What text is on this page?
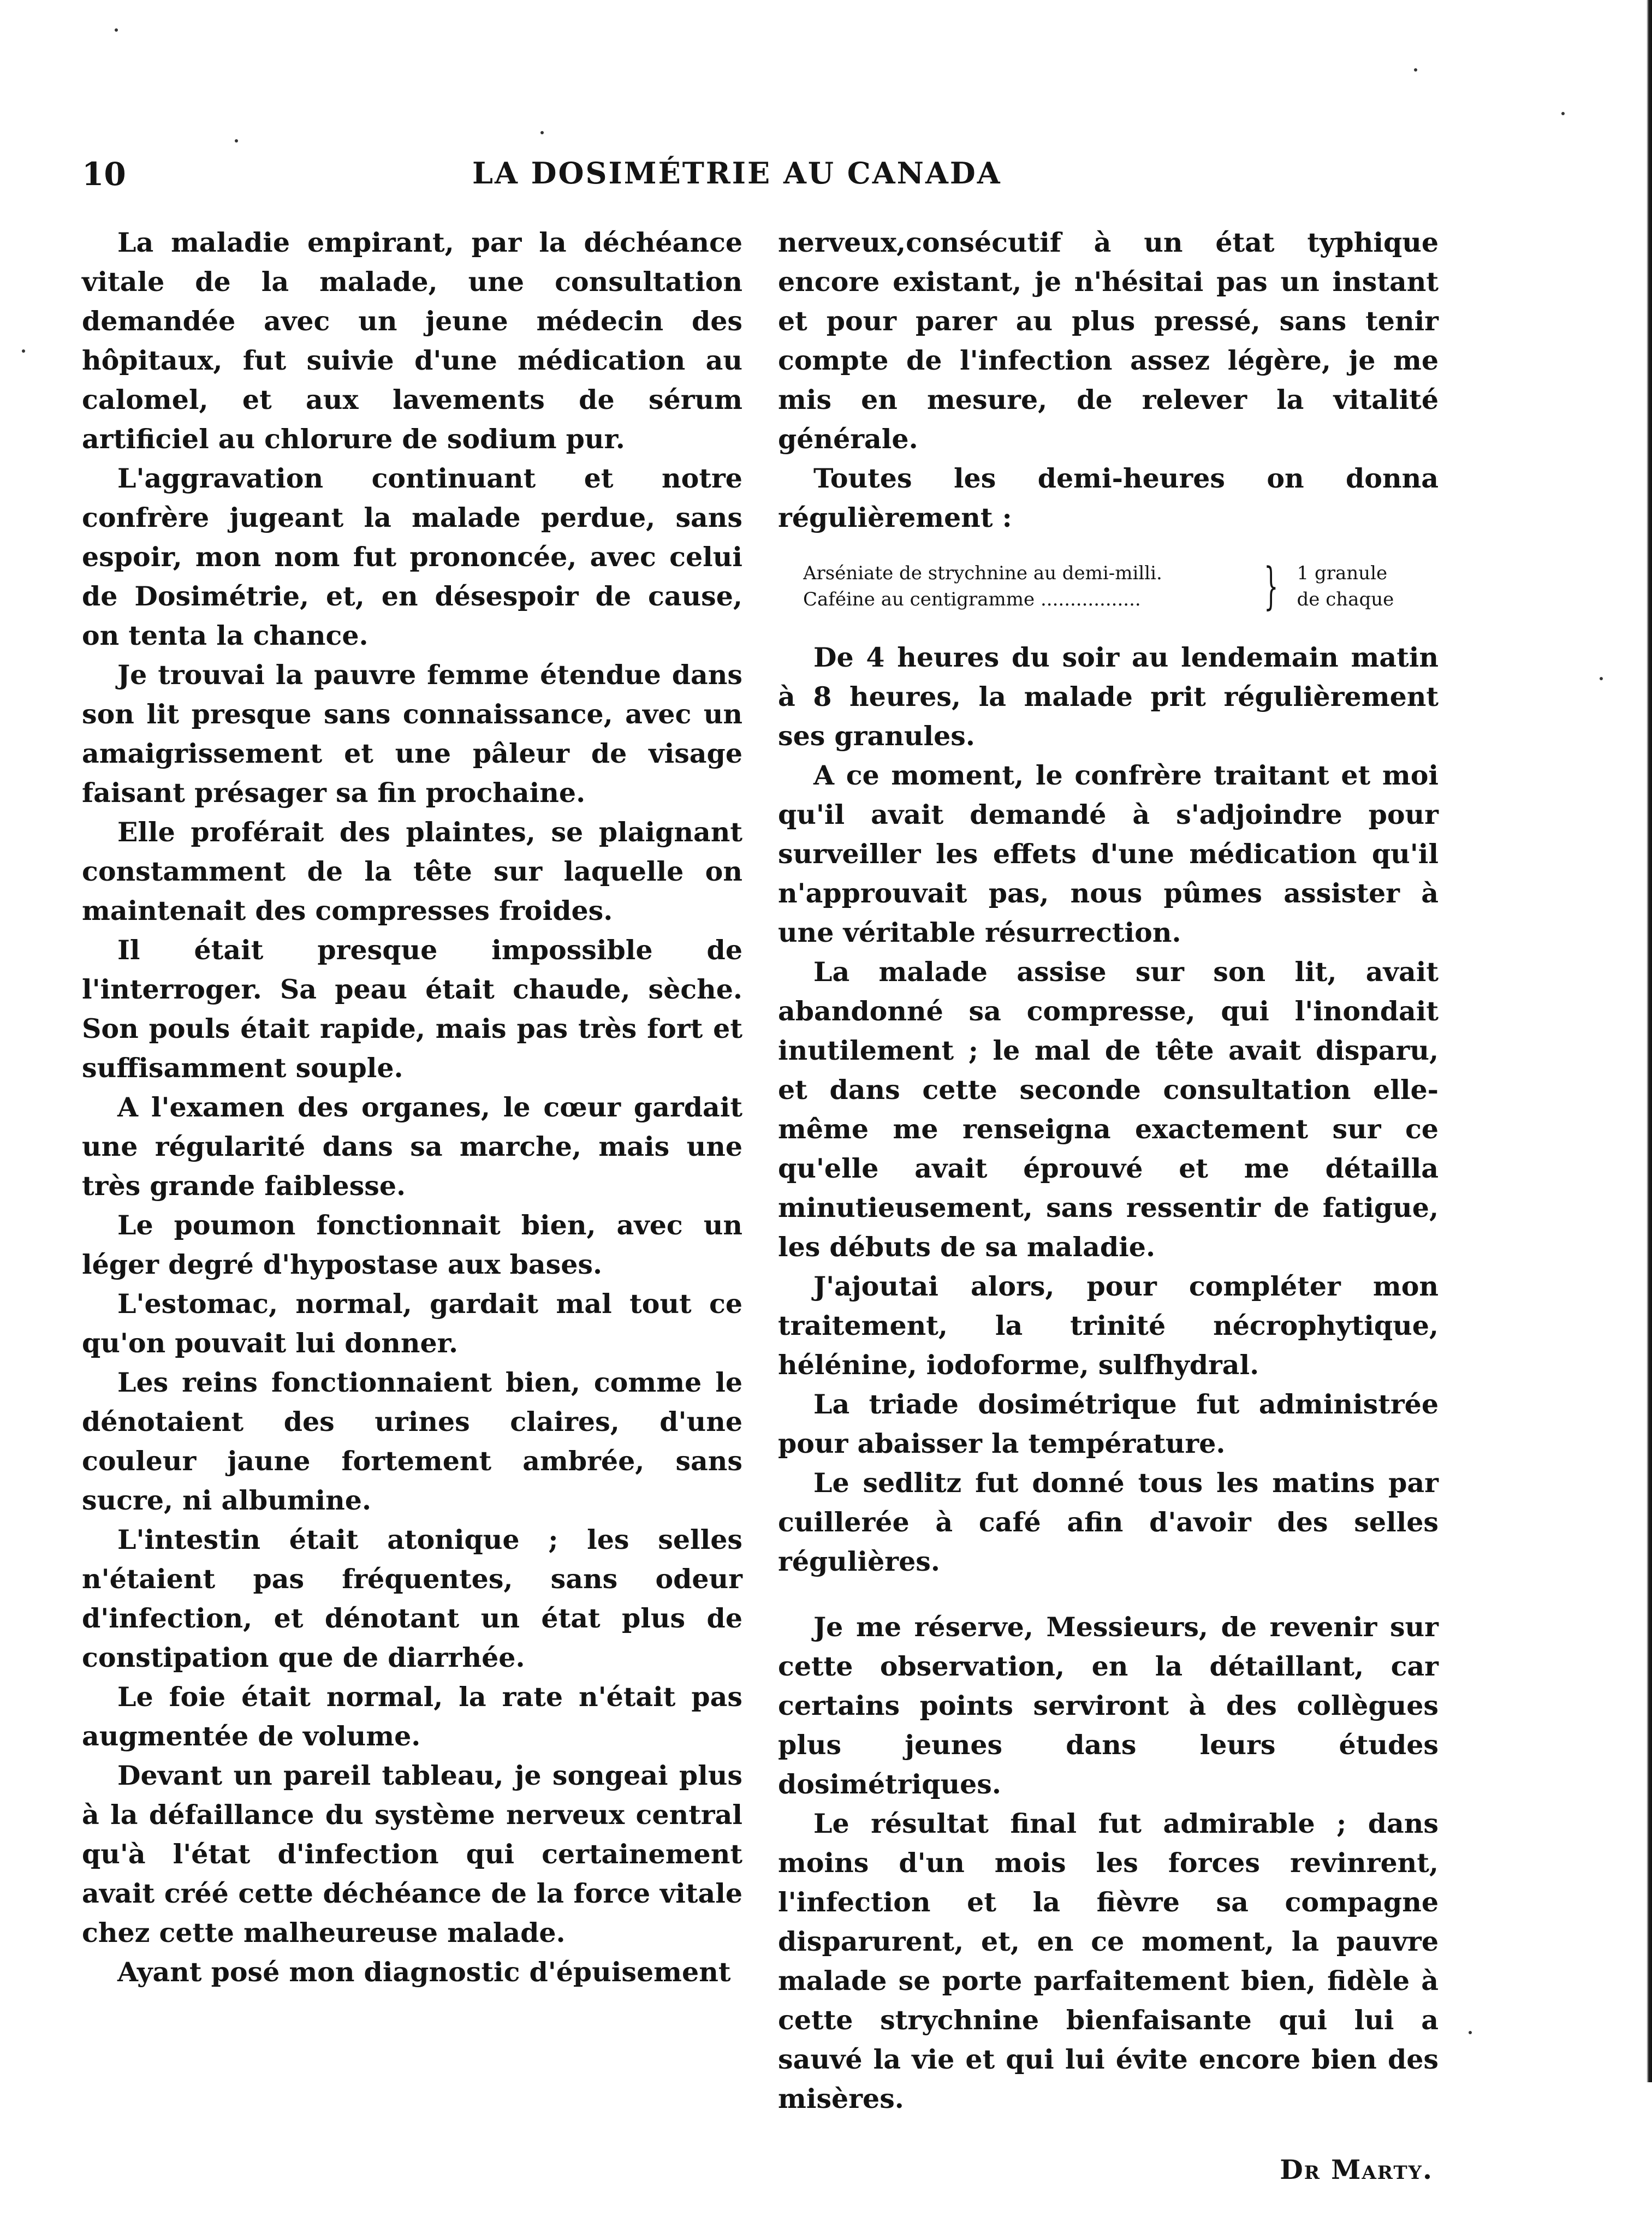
10	LA DOSIMÉTRIE AU CANADA

La maladie empirant, par la déchéance vitale de la malade, une consultation demandée avec un jeune médecin des hôpitaux, fut suivie d'une médication au calomel, et aux lavements de sérum artificiel au chlorure de sodium pur.

L'aggravation continuant et notre confrère jugeant la malade perdue, sans espoir, mon nom fut prononcée, avec celui de Dosimétrie, et, en désespoir de cause, on tenta la chance.

Je trouvai la pauvre femme étendue dans son lit presque sans connaissance, avec un amaigrissement et une pâleur de visage faisant présager sa fin prochaine.

Elle proférait des plaintes, se plaignant constamment de la tête sur laquelle on maintenait des compresses froides.

Il était presque impossible de l'interroger. Sa peau était chaude, sèche. Son pouls était rapide, mais pas très fort et suffisamment souple.

A l'examen des organes, le cœur gardait une régularité dans sa marche, mais une très grande faiblesse.

Le poumon fonctionnait bien, avec un léger degré d'hypostase aux bases.

L'estomac, normal, gardait mal tout ce qu'on pouvait lui donner.

Les reins fonctionnaient bien, comme le dénotaient des urines claires, d'une couleur jaune fortement ambrée, sans sucre, ni albumine.

L'intestin était atonique ; les selles n'étaient pas fréquentes, sans odeur d'infection, et dénotant un état plus de constipation que de diarrhée.

Le foie était normal, la rate n'était pas augmentée de volume.

Devant un pareil tableau, je songeai plus à la défaillance du système nerveux central qu'à l'état d'infection qui certainement avait créé cette déchéance de la force vitale chez cette malheureuse malade.

Ayant posé mon diagnostic d'épuisement

nerveux,consécutif à un état typhique encore existant, je n'hésitai pas un instant et pour parer au plus pressé, sans tenir compte de l'infection assez légère, je me mis en mesure, de relever la vitalité générale.

Toutes les demi-heures on donna régulièrement :

Arséniate de strychnine au demi-milli.
Caféine au centigramme .................	} 1 granule
de chaque

De 4 heures du soir au lendemain matin à 8 heures, la malade prit régulièrement ses granules.

A ce moment, le confrère traitant et moi qu'il avait demandé à s'adjoindre pour surveiller les effets d'une médication qu'il n'approuvait pas, nous pûmes assister à une véritable résurrection.

La malade assise sur son lit, avait abandonné sa compresse, qui l'inondait inutilement ; le mal de tête avait disparu, et dans cette seconde consultation elle-même me renseigna exactement sur ce qu'elle avait éprouvé et me détailla minutieusement, sans ressentir de fatigue, les débuts de sa maladie.

J'ajoutai alors, pour compléter mon traitement, la trinité nécrophytique, hélénine, iodoforme, sulfhydral.

La triade dosimétrique fut administrée pour abaisser la température.

Le sedlitz fut donné tous les matins par cuillerée à café afin d'avoir des selles régulières.

Je me réserve, Messieurs, de revenir sur cette observation, en la détaillant, car certains points serviront à des collègues plus jeunes dans leurs études dosimétriques.

Le résultat final fut admirable ; dans moins d'un mois les forces revinrent, l'infection et la fièvre sa compagne disparurent, et, en ce moment, la pauvre malade se porte parfaitement bien, fidèle à cette strychnine bienfaisante qui lui a sauvé la vie et qui lui évite encore bien des misères.

Dr Marty.
